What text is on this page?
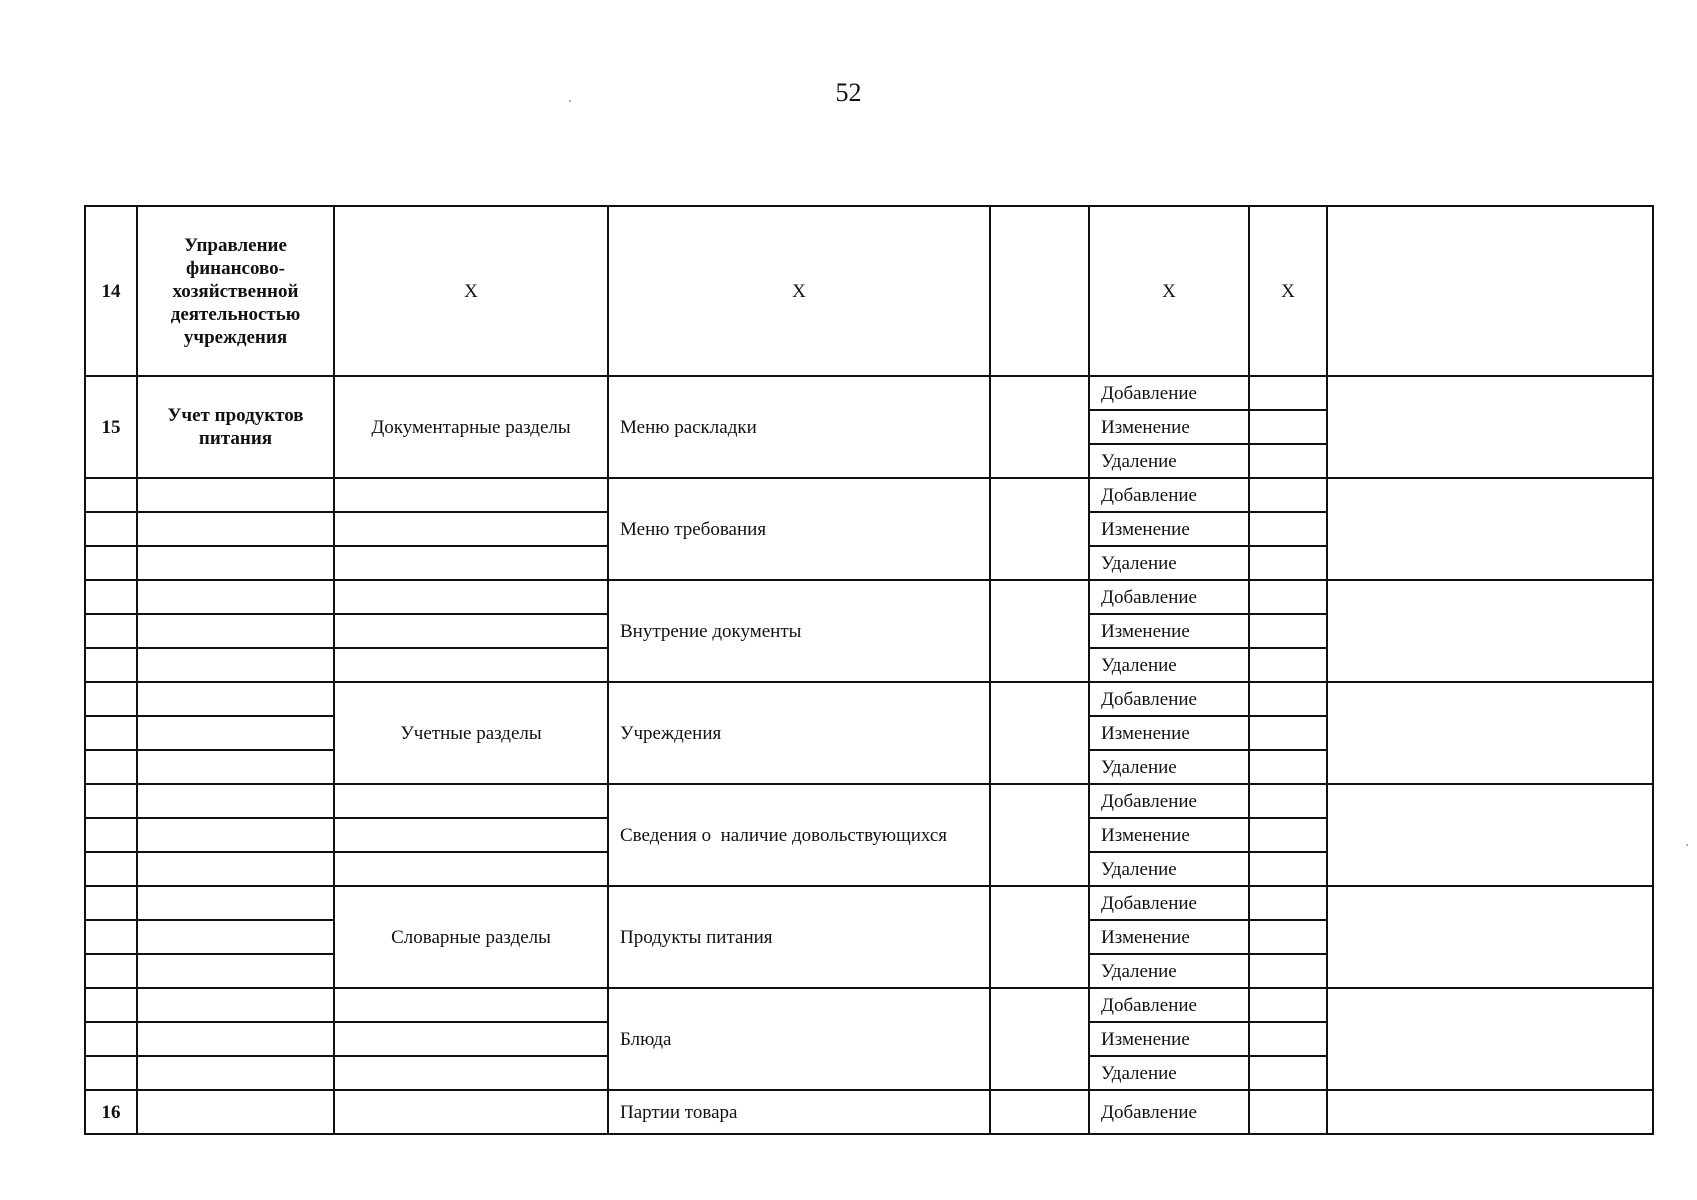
52
14	Управление финансово-хозяйственной деятельностью учреждения	Х	Х		Х	Х	
15	Учет продуктов питания	Документарные разделы	Меню раскладки		Добавление		
					Изменение		
					Удаление		
			Меню требования		Добавление		
					Изменение		
					Удаление		
			Внутрение документы		Добавление		
					Изменение		
					Удаление		
		Учетные разделы	Учреждения		Добавление		
					Изменение		
					Удаление		
			Сведения о  наличие довольствующихся		Добавление		
					Изменение		
					Удаление		
		Словарные разделы	Продукты питания		Добавление		
					Изменение		
					Удаление		
			Блюда		Добавление		
					Изменение		
					Удаление		
16			Партии товара		Добавление		
